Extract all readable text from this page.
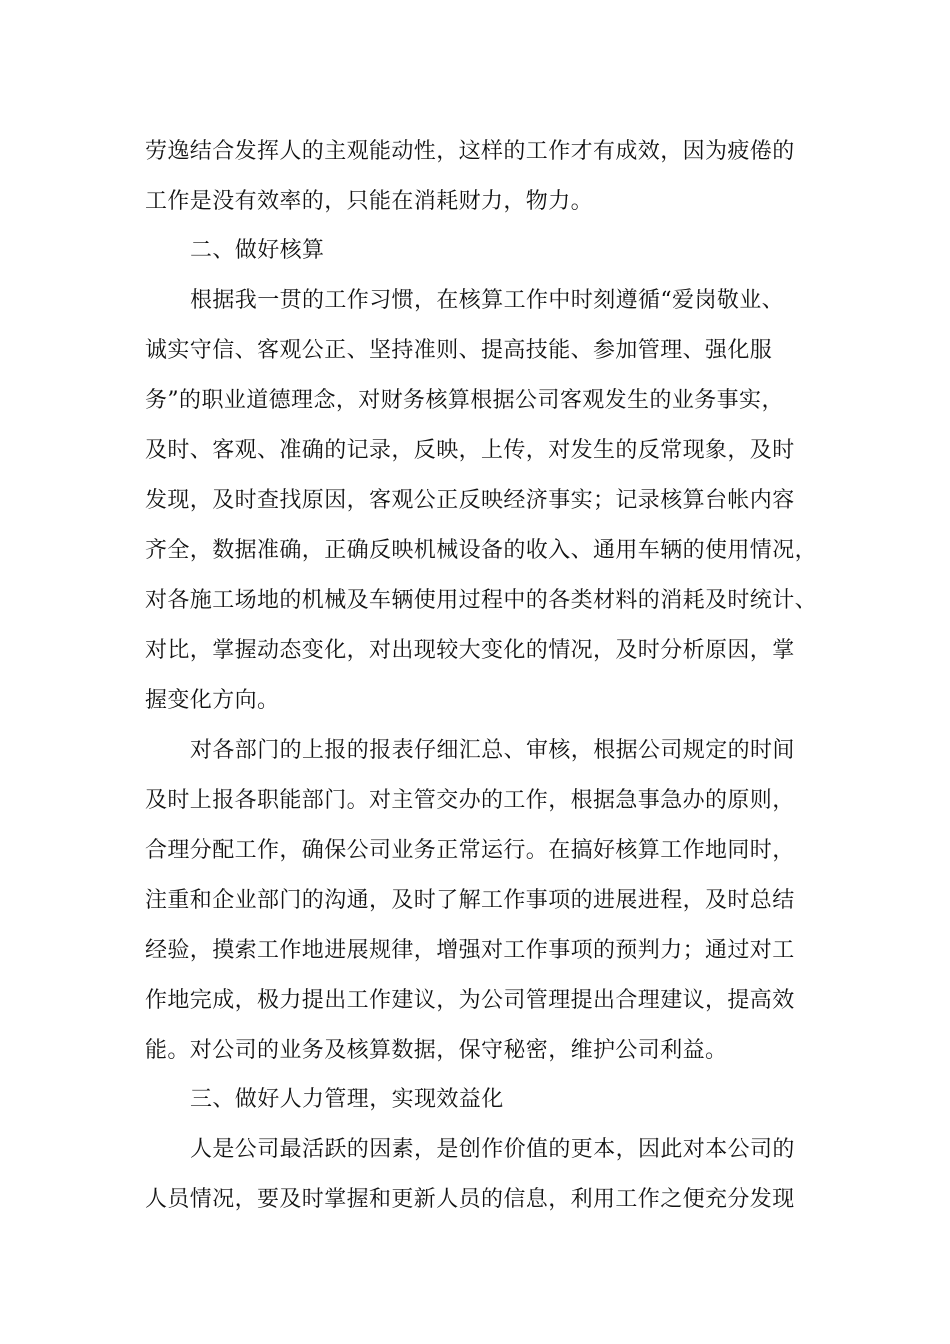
劳逸结合发挥人的主观能动性，这样的工作才有成效，因为疲倦的
工作是没有效率的，只能在消耗财力，物力。
二、做好核算
根据我一贯的工作习惯，在核算工作中时刻遵循“爱岗敬业、
诚实守信、客观公正、坚持准则、提高技能、参加管理、强化服
务”的职业道德理念，对财务核算根据公司客观发生的业务事实，
及时、客观、准确的记录，反映，上传，对发生的反常现象，及时
发现，及时查找原因，客观公正反映经济事实；记录核算台帐内容
齐全，数据准确，正确反映机械设备的收入、通用车辆的使用情况，
对各施工场地的机械及车辆使用过程中的各类材料的消耗及时统计、
对比，掌握动态变化，对出现较大变化的情况，及时分析原因，掌
握变化方向。
对各部门的上报的报表仔细汇总、审核，根据公司规定的时间
及时上报各职能部门。对主管交办的工作，根据急事急办的原则，
合理分配工作，确保公司业务正常运行。在搞好核算工作地同时，
注重和企业部门的沟通，及时了解工作事项的进展进程，及时总结
经验，摸索工作地进展规律，增强对工作事项的预判力；通过对工
作地完成，极力提出工作建议，为公司管理提出合理建议，提高效
能。对公司的业务及核算数据，保守秘密，维护公司利益。
三、做好人力管理，实现效益化
人是公司最活跃的因素，是创作价值的更本，因此对本公司的
人员情况，要及时掌握和更新人员的信息，利用工作之便充分发现
